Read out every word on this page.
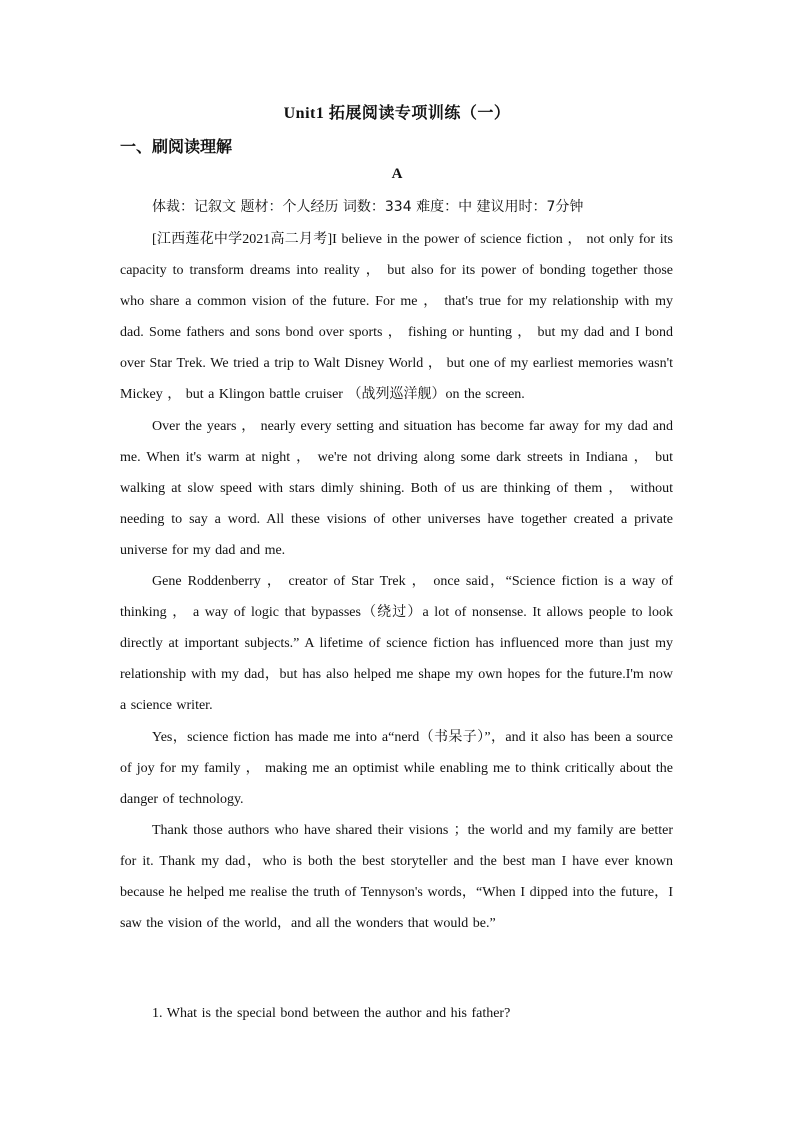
Unit1 拓展阅读专项训练（一）
一、刷阅读理解
A
体裁：记叙文 题材：个人经历 词数：334 难度：中 建议用时：7分钟

[江西莲花中学2021高二月考]I believe in the power of science fiction ， not only for its capacity to transform dreams into reality ， but also for its power of bonding together those who share a common vision of the future. For me ， that's true for my relationship with my dad. Some fathers and sons bond over sports ， fishing or hunting ， but my dad and I bond over Star Trek. We tried a trip to Walt Disney World ， but one of my earliest memories wasn't Mickey ， but a Klingon battle cruiser （战列巡洋舰）on the screen.

Over the years ， nearly every setting and situation has become far away for my dad and me. When it's warm at night ， we're not driving along some dark streets in Indiana ， but walking at slow speed with stars dimly shining. Both of us are thinking of them ， without needing to say a word. All these visions of other universes have together created a private universe for my dad and me.

Gene Roddenberry ， creator of Star Trek ， once said，“Science fiction is a way of thinking ， a way of logic that bypasses（绕过）a lot of nonsense. It allows people to look directly at important subjects.” A lifetime of science fiction has influenced more than just my relationship with my dad，but has also helped me shape my own hopes for the future.I'm now a science writer.

Yes，science fiction has made me into a“nerd（书呆子）”，and it also has been a source of joy for my family ， making me an optimist while enabling me to think critically about the danger of technology.

Thank those authors who have shared their visions ；the world and my family are better for it. Thank my dad，who is both the best storyteller and the best man I have ever known because he helped me realise the truth of Tennyson's words，“When I dipped into the future，I saw the vision of the world，and all the wonders that would be.”

1. What is the special bond between the author and his father?
